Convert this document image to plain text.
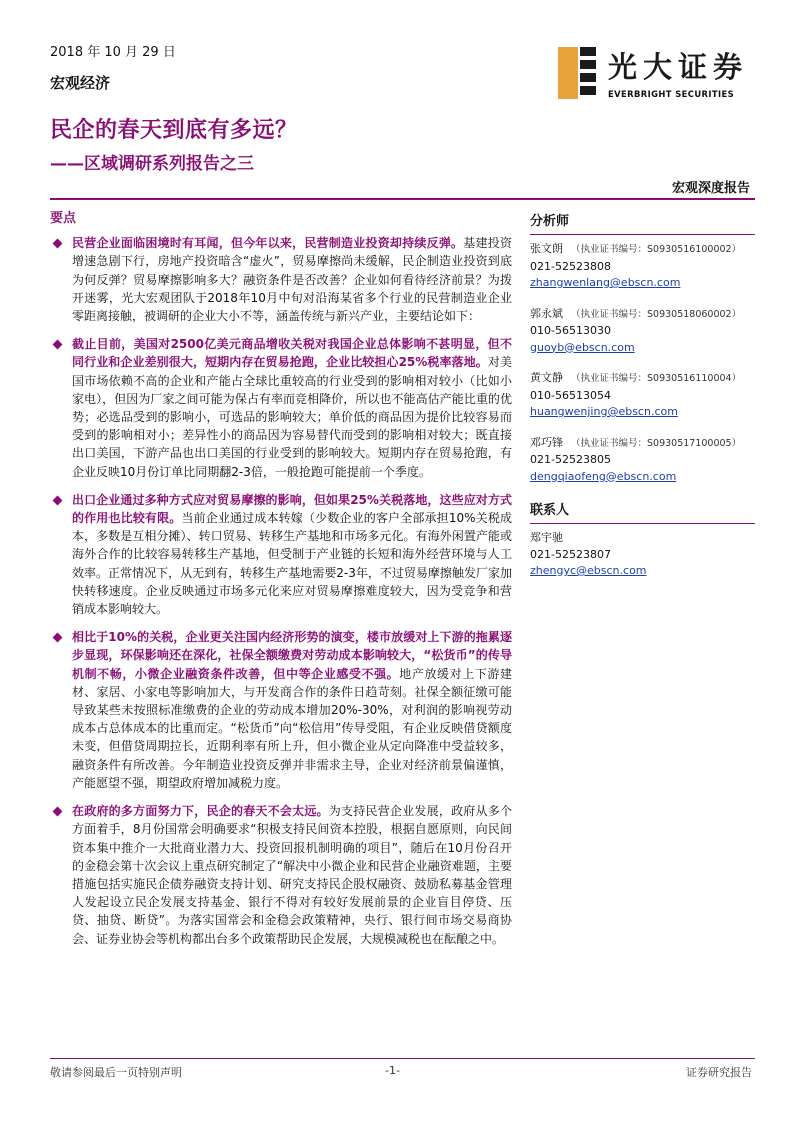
2018 年 10 月 29 日
宏观经济
民企的春天到底有多远？
——区域调研系列报告之三
光大证券
EVERBRIGHT SECURITIES
宏观深度报告
要点
民营企业面临困境时有耳闻，但今年以来，民营制造业投资却持续反弹。基建投资增速急剧下行，房地产投资暗含“虚火”，贸易摩擦尚未缓解，民企制造业投资到底为何反弹？贸易摩擦影响多大？融资条件是否改善？企业如何看待经济前景？为拨开迷雾，光大宏观团队于2018年10月中旬对沿海某省多个行业的民营制造业企业零距离接触，被调研的企业大小不等，涵盖传统与新兴产业，主要结论如下：
截止目前，美国对2500亿美元商品增收关税对我国企业总体影响不甚明显，但不同行业和企业差别很大，短期内存在贸易抢跑，企业比较担心25%税率落地。对美国市场依赖不高的企业和产能占全球比重较高的行业受到的影响相对较小（比如小家电），但因为厂家之间可能为保占有率而竞相降价，所以也不能高估产能比重的优势；必选品受到的影响小，可选品的影响较大；单价低的商品因为提价比较容易而受到的影响相对小；差异性小的商品因为容易替代而受到的影响相对较大；既直接出口美国，下游产品也出口美国的行业受到的影响较大。短期内存在贸易抢跑，有企业反映10月份订单比同期翻2-3倍，一般抢跑可能提前一个季度。
出口企业通过多种方式应对贸易摩擦的影响，但如果25%关税落地，这些应对方式的作用也比较有限。当前企业通过成本转嫁（少数企业的客户全部承担10%关税成本，多数是互相分摊）、转口贸易、转移生产基地和市场多元化。有海外闲置产能或海外合作的比较容易转移生产基地，但受制于产业链的长短和海外经营环境与人工效率。正常情况下，从无到有，转移生产基地需要2-3年，不过贸易摩擦触发厂家加快转移速度。企业反映通过市场多元化来应对贸易摩擦难度较大，因为受竞争和营销成本影响较大。
相比于10%的关税，企业更关注国内经济形势的演变，楼市放缓对上下游的拖累逐步显现，环保影响还在深化，社保全额缴费对劳动成本影响较大，“松货币”的传导机制不畅，小微企业融资条件改善，但中等企业感受不强。地产放缓对上下游建材、家居、小家电等影响加大，与开发商合作的条件日趋苛刻。社保全额征缴可能导致某些未按照标准缴费的企业的劳动成本增加20%-30%，对利润的影响视劳动成本占总体成本的比重而定。“松货币”向“松信用”传导受阻，有企业反映借贷额度未变，但借贷周期拉长，近期利率有所上升，但小微企业从定向降准中受益较多，融资条件有所改善。今年制造业投资反弹并非需求主导，企业对经济前景偏谨慎，产能愿望不强，期望政府增加减税力度。
在政府的多方面努力下，民企的春天不会太远。为支持民营企业发展，政府从多个方面着手，8月份国常会明确要求“积极支持民间资本控股，根据自愿原则，向民间资本集中推介一大批商业潜力大、投资回报机制明确的项目”，随后在10月份召开的金稳会第十次会议上重点研究制定了“解决中小微企业和民营企业融资难题，主要措施包括实施民企债券融资支持计划、研究支持民企股权融资、鼓励私募基金管理人发起设立民企发展支持基金、银行不得对有较好发展前景的企业盲目停贷、压贷、抽贷、断贷”。为落实国常会和金稳会政策精神，央行、银行间市场交易商协会、证券业协会等机构都出台多个政策帮助民企发展，大规模减税也在酝酿之中。
分析师
张文朗 （执业证书编号：S0930516100002）
021-52523808
zhangwenlang@ebscn.com
郭永斌 （执业证书编号：S0930518060002）
010-56513030
guoyb@ebscn.com
黄文静 （执业证书编号：S0930516110004）
010-56513054
huangwenjing@ebscn.com
邓巧锋 （执业证书编号：S0930517100005）
021-52523805
dengqiaofeng@ebscn.com
联系人
郑宇驰
021-52523807
zhengyc@ebscn.com
敬请参阅最后一页特别声明	-1-	证券研究报告
